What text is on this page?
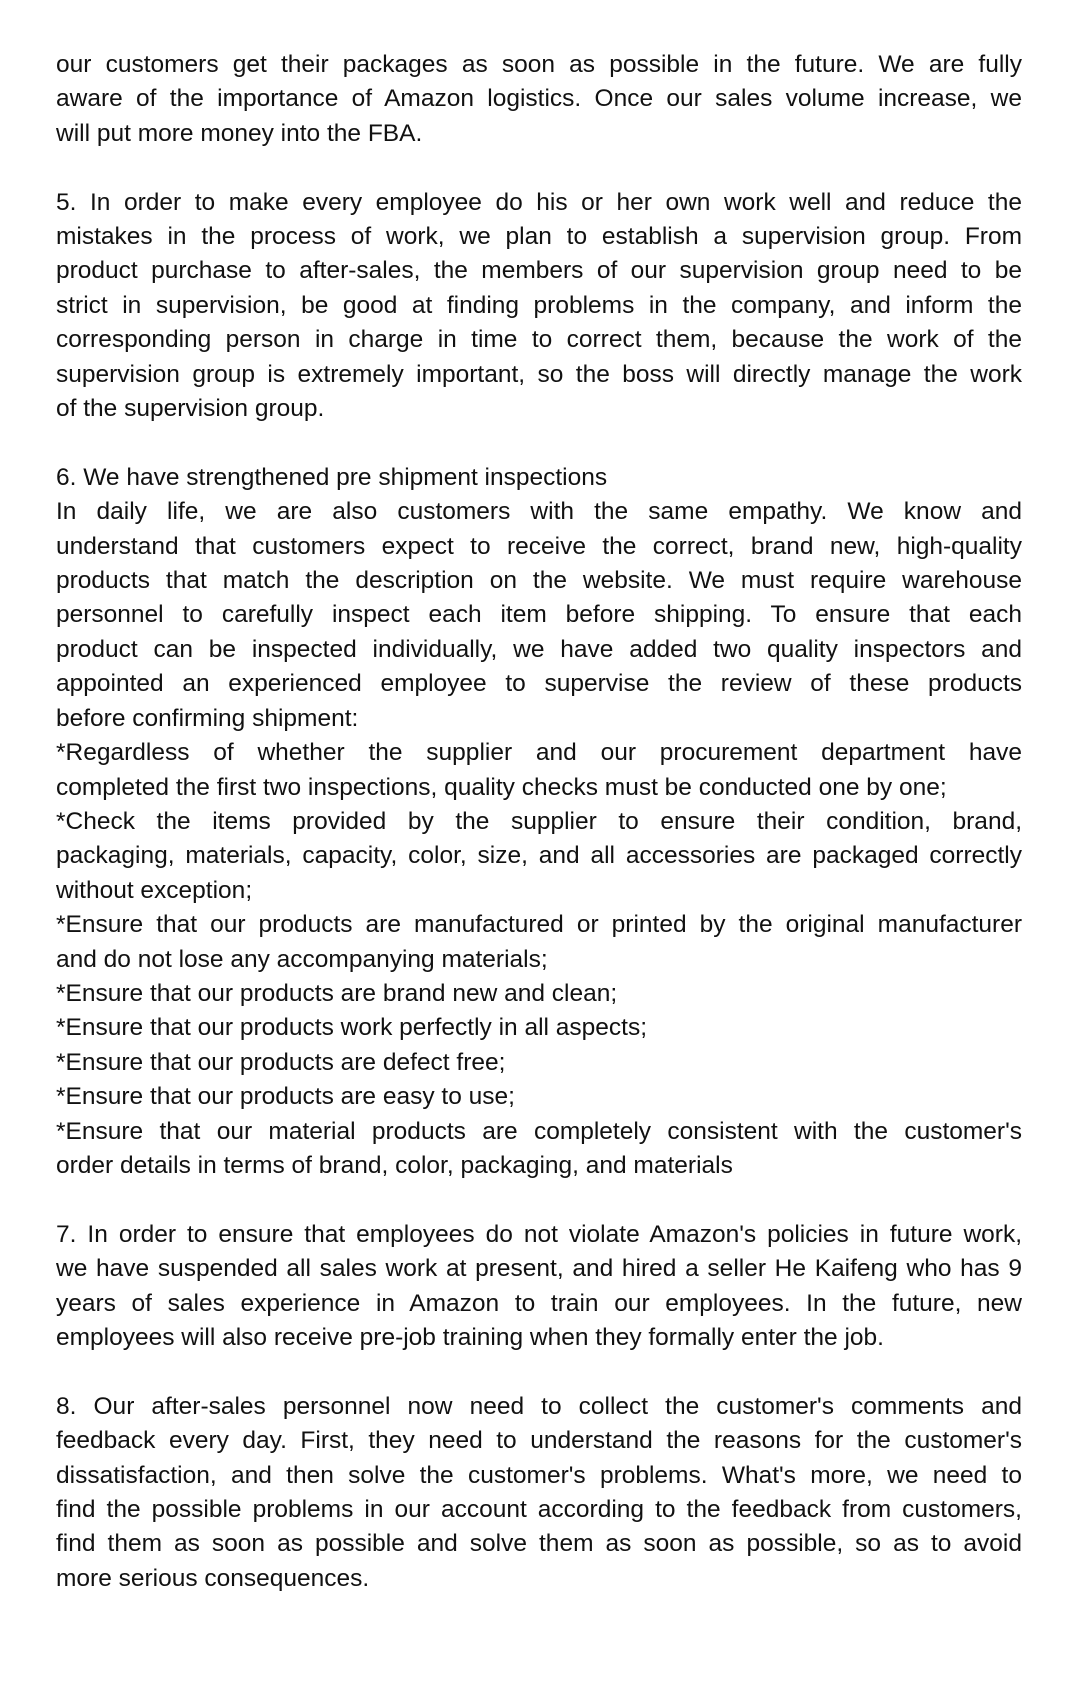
our customers get their packages as soon as possible in the future. We are fully
aware of the importance of Amazon logistics. Once our sales volume increase, we
will put more money into the FBA.
5. In order to make every employee do his or her own work well and reduce the
mistakes in the process of work, we plan to establish a supervision group. From
product purchase to after-sales, the members of our supervision group need to be
strict in supervision, be good at finding problems in the company, and inform the
corresponding person in charge in time to correct them, because the work of the
supervision group is extremely important, so the boss will directly manage the work
of the supervision group.
6. We have strengthened pre shipment inspections
In daily life, we are also customers with the same empathy. We know and
understand that customers expect to receive the correct, brand new, high-quality
products that match the description on the website. We must require warehouse
personnel to carefully inspect each item before shipping. To ensure that each
product can be inspected individually, we have added two quality inspectors and
appointed an experienced employee to supervise the review of these products
before confirming shipment:
*Regardless of whether the supplier and our procurement department have
completed the first two inspections, quality checks must be conducted one by one;
*Check the items provided by the supplier to ensure their condition, brand,
packaging, materials, capacity, color, size, and all accessories are packaged correctly
without exception;
*Ensure that our products are manufactured or printed by the original manufacturer
and do not lose any accompanying materials;
*Ensure that our products are brand new and clean;
*Ensure that our products work perfectly in all aspects;
*Ensure that our products are defect free;
*Ensure that our products are easy to use;
*Ensure that our material products are completely consistent with the customer's
order details in terms of brand, color, packaging, and materials
7. In order to ensure that employees do not violate Amazon's policies in future work,
we have suspended all sales work at present, and hired a seller He Kaifeng who has 9
years of sales experience in Amazon to train our employees. In the future, new
employees will also receive pre-job training when they formally enter the job.
8. Our after-sales personnel now need to collect the customer's comments and
feedback every day. First, they need to understand the reasons for the customer's
dissatisfaction, and then solve the customer's problems. What's more, we need to
find the possible problems in our account according to the feedback from customers,
find them as soon as possible and solve them as soon as possible, so as to avoid
more serious consequences.
